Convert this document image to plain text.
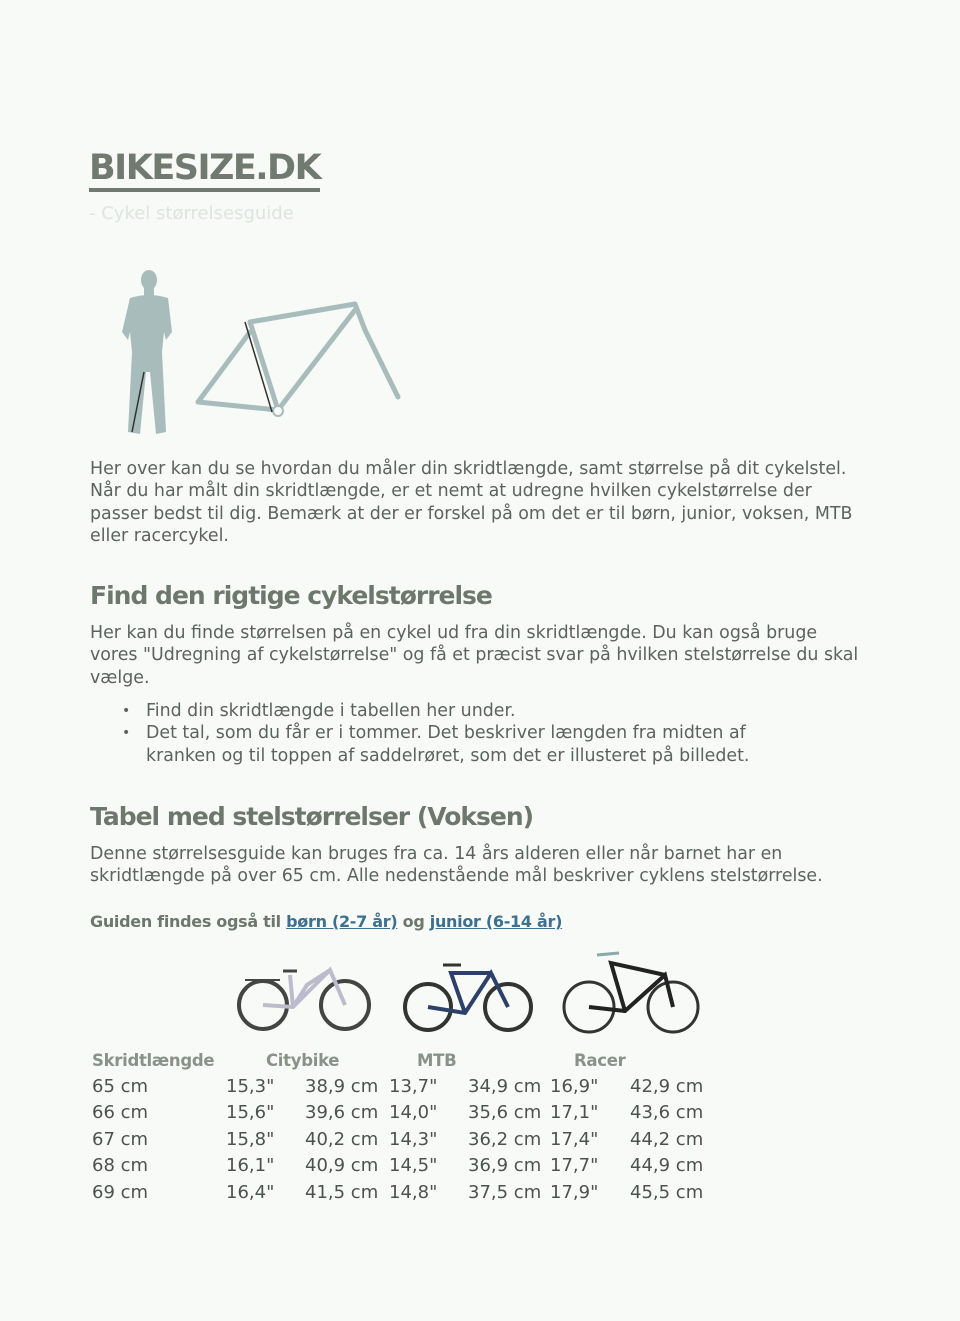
BIKESIZE.DK
- Cykel størrelsesguide
Her over kan du se hvordan du måler din skridtlængde, samt størrelse på dit cykelstel. Når du har målt din skridtlængde, er et nemt at udregne hvilken cykelstørrelse der passer bedst til dig. Bemærk at der er forskel på om det er til børn, junior, voksen, MTB eller racercykel.
Find den rigtige cykelstørrelse
Her kan du finde størrelsen på en cykel ud fra din skridtlængde. Du kan også bruge vores "Udregning af cykelstørrelse" og få et præcist svar på hvilken stelstørrelse du skal vælge.
• Find din skridtlængde i tabellen her under.
• Det tal, som du får er i tommer. Det beskriver længden fra midten af kranken og til toppen af saddelrøret, som det er illusteret på billedet.
Tabel med stelstørrelser (Voksen)
Denne størrelsesguide kan bruges fra ca. 14 års alderen eller når barnet har en skridtlængde på over 65 cm. Alle nedenstående mål beskriver cyklens stelstørrelse.
Guiden findes også til børn (2-7 år) og junior (6-14 år)
Skridtlængde	Citybike		MTB		Racer	
65 cm	15,3"	38,9 cm	13,7"	34,9 cm	16,9"	42,9 cm
66 cm	15,6"	39,6 cm	14,0"	35,6 cm	17,1"	43,6 cm
67 cm	15,8"	40,2 cm	14,3"	36,2 cm	17,4"	44,2 cm
68 cm	16,1"	40,9 cm	14,5"	36,9 cm	17,7"	44,9 cm
69 cm	16,4"	41,5 cm	14,8"	37,5 cm	17,9"	45,5 cm
